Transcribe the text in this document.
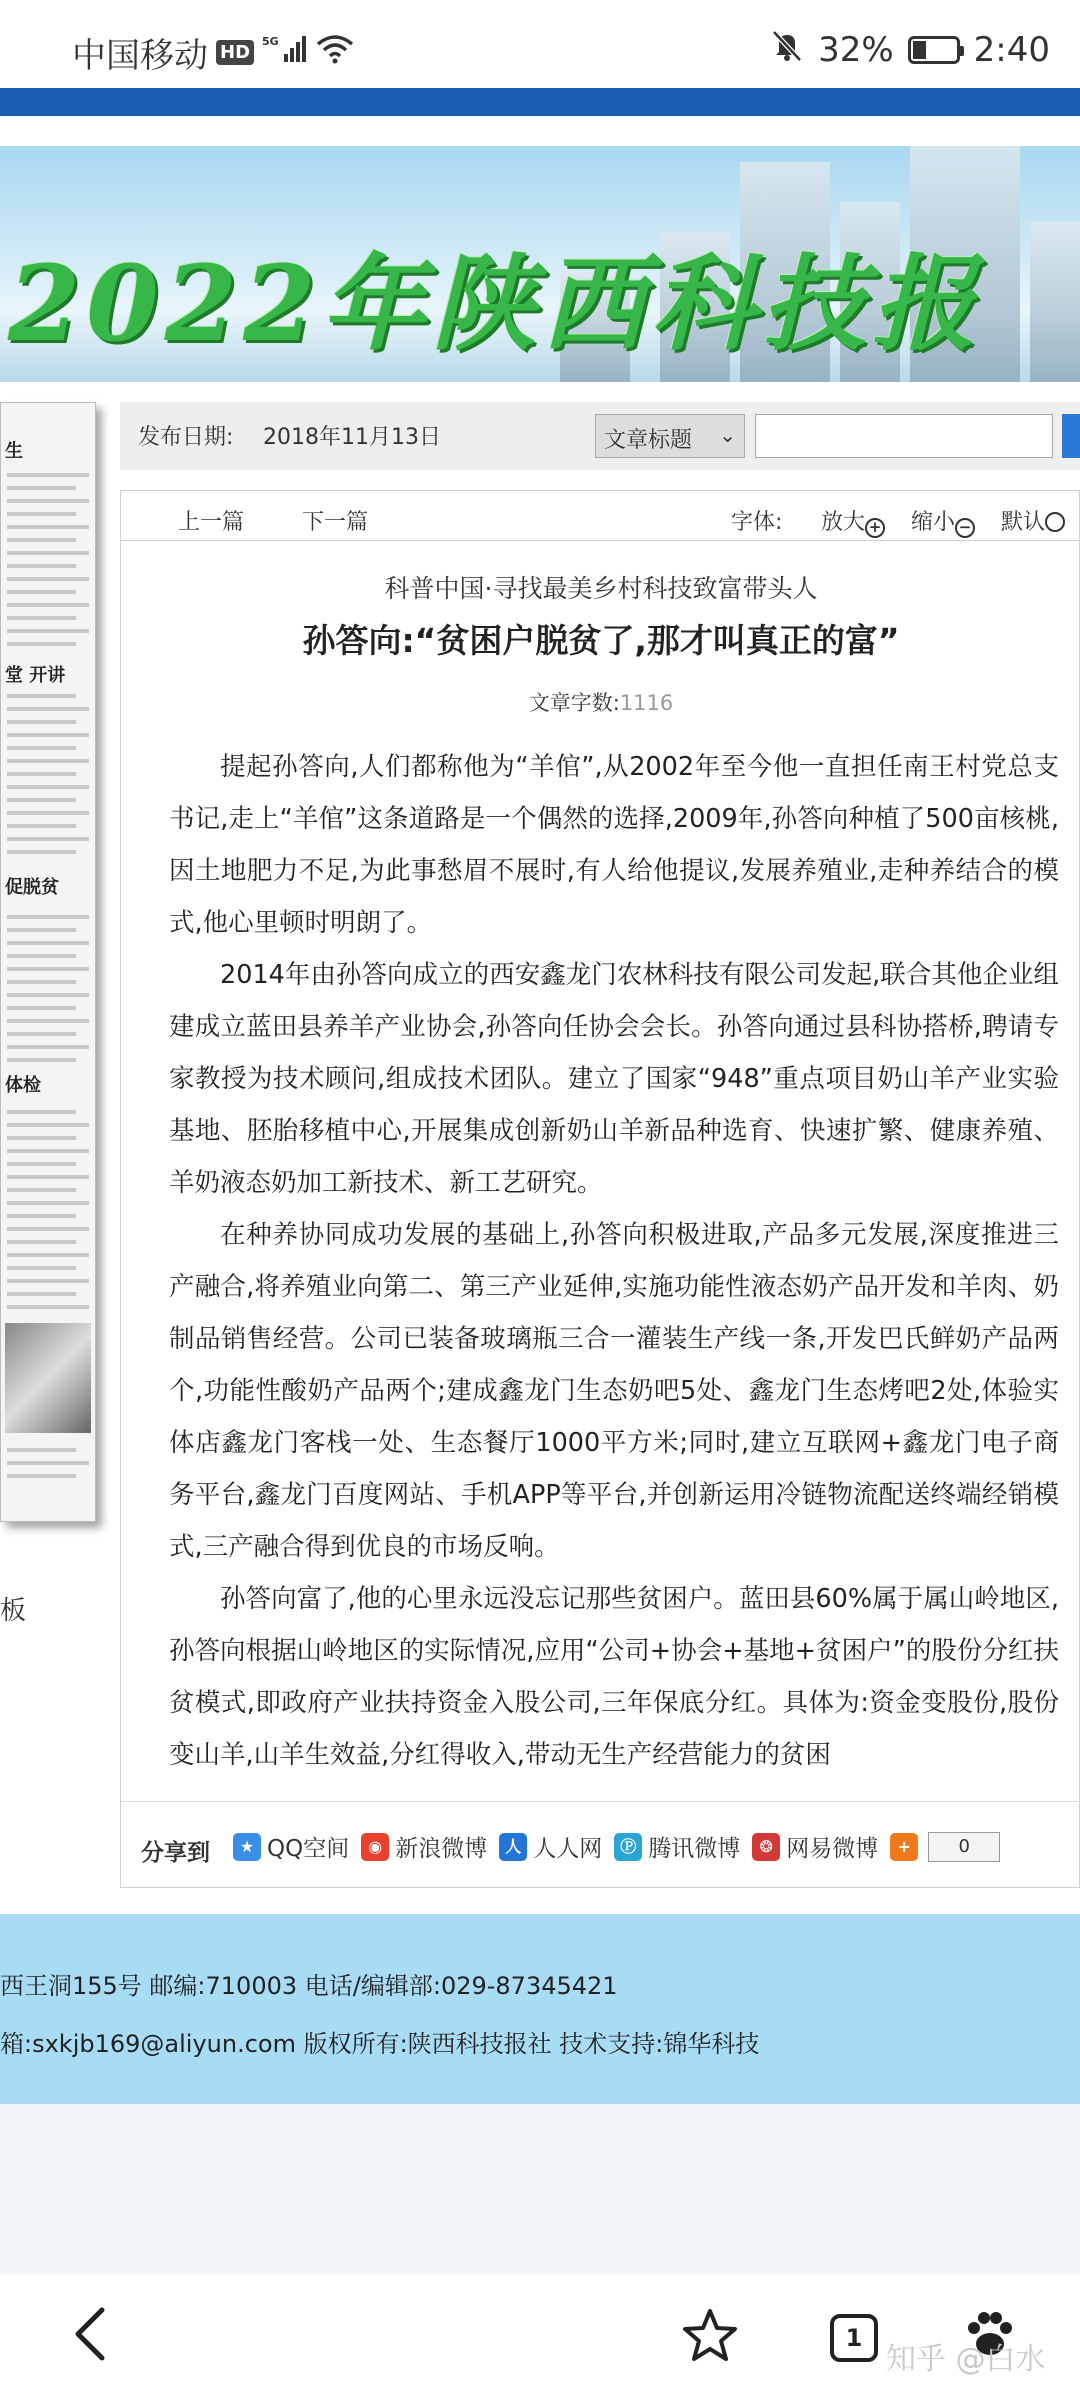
中国移动 HD
5G	32% 2:40
2022年陕西科技报
生
堂 开讲
促脱贫
体检
板
发布日期: 2018年11月13日	文章标题 ⌄
上一篇	下一篇	字体: 放大 + 缩小 − 默认
科普中国·寻找最美乡村科技致富带头人
孙答向:“贫困户脱贫了,那才叫真正的富”
文章字数:1116

提起孙答向,人们都称他为“羊倌”,从2002年至今他一直担任南王村党总支书记,走上“羊倌”这条道路是一个偶然的选择,2009年,孙答向种植了500亩核桃,因土地肥力不足,为此事愁眉不展时,有人给他提议,发展养殖业,走种养结合的模式,他心里顿时明朗了。

2014年由孙答向成立的西安鑫龙门农林科技有限公司发起,联合其他企业组建成立蓝田县养羊产业协会,孙答向任协会会长。孙答向通过县科协搭桥,聘请专家教授为技术顾问,组成技术团队。建立了国家“948”重点项目奶山羊产业实验基地、胚胎移植中心,开展集成创新奶山羊新品种选育、快速扩繁、健康养殖、羊奶液态奶加工新技术、新工艺研究。

在种养协同成功发展的基础上,孙答向积极进取,产品多元发展,深度推进三产融合,将养殖业向第二、第三产业延伸,实施功能性液态奶产品开发和羊肉、奶制品销售经营。公司已装备玻璃瓶三合一灌装生产线一条,开发巴氏鲜奶产品两个,功能性酸奶产品两个;建成鑫龙门生态奶吧5处、鑫龙门生态烤吧2处,体验实体店鑫龙门客栈一处、生态餐厅1000平方米;同时,建立互联网+鑫龙门电子商务平台,鑫龙门百度网站、手机APP等平台,并创新运用冷链物流配送终端经销模式,三产融合得到优良的市场反响。

孙答向富了,他的心里永远没忘记那些贫困户。蓝田县60%属于属山岭地区,孙答向根据山岭地区的实际情况,应用“公司+协会+基地+贫困户”的股份分红扶贫模式,即政府产业扶持资金入股公司,三年保底分红。具体为:资金变股份,股份变山羊,山羊生效益,分红得收入,带动无生产经营能力的贫困

分享到	★ QQ空间	◉ 新浪微博	人 人人网	Ⓟ 腾讯微博	❂ 网易微博	+	0
西王洞155号 邮编:710003 电话/编辑部:029-87345421
箱:sxkjb169@aliyun.com 版权所有:陕西科技报社 技术支持:锦华科技
1
知乎 @白水
